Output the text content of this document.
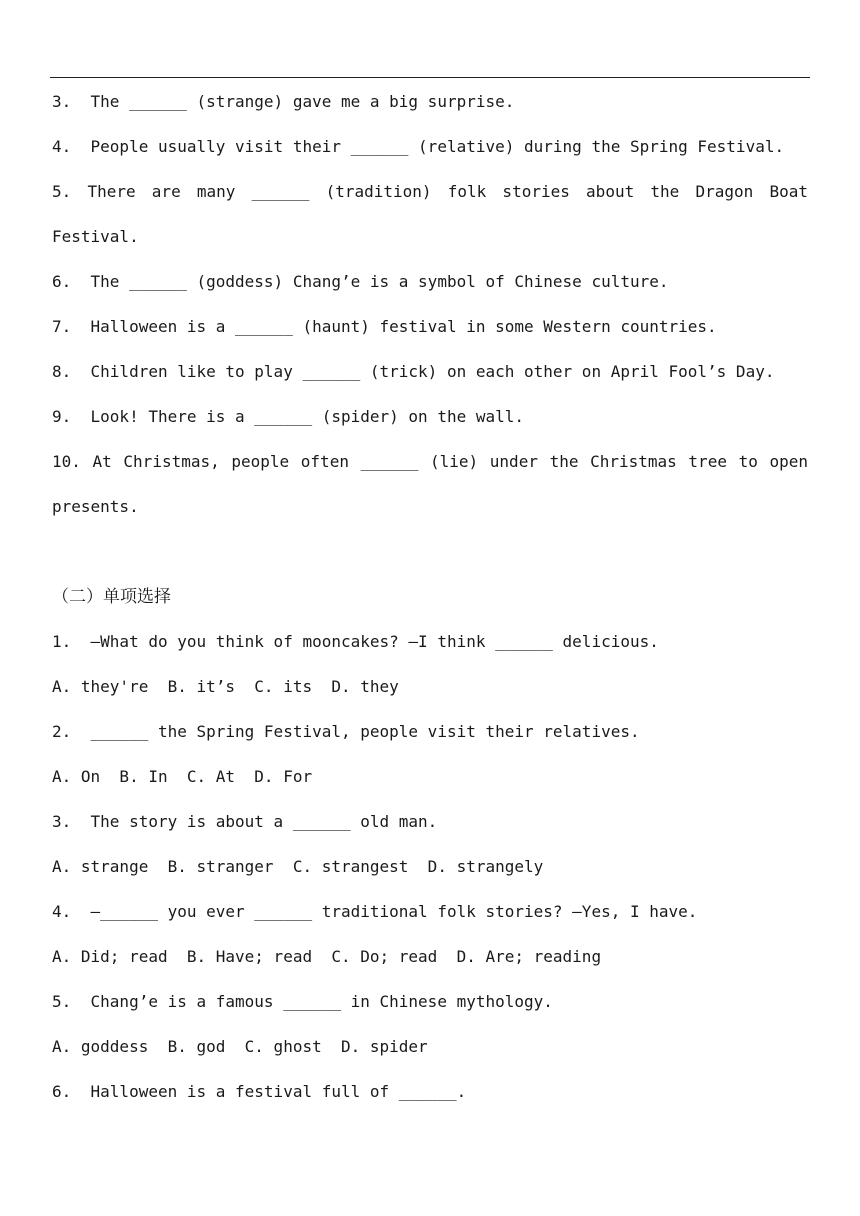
3.  The ______ (strange) gave me a big surprise.
4.  People usually visit their ______ (relative) during the Spring Festival.
5. There are many ______ (tradition) folk stories about the Dragon Boat
Festival.
6.  The ______ (goddess) Chang’e is a symbol of Chinese culture.
7.  Halloween is a ______ (haunt) festival in some Western countries.
8.  Children like to play ______ (trick) on each other on April Fool’s Day.
9.  Look! There is a ______ (spider) on the wall.
10. At Christmas, people often ______ (lie) under the Christmas tree to open
presents.
（二）单项选择
1.  —What do you think of mooncakes? —I think ______ delicious.
A. they're  B. it’s  C. its  D. they
2.  ______ the Spring Festival, people visit their relatives.
A. On  B. In  C. At  D. For
3.  The story is about a ______ old man.
A. strange  B. stranger  C. strangest  D. strangely
4.  —______ you ever ______ traditional folk stories? —Yes, I have.
A. Did; read  B. Have; read  C. Do; read  D. Are; reading
5.  Chang’e is a famous ______ in Chinese mythology.
A. goddess  B. god  C. ghost  D. spider
6.  Halloween is a festival full of ______.
